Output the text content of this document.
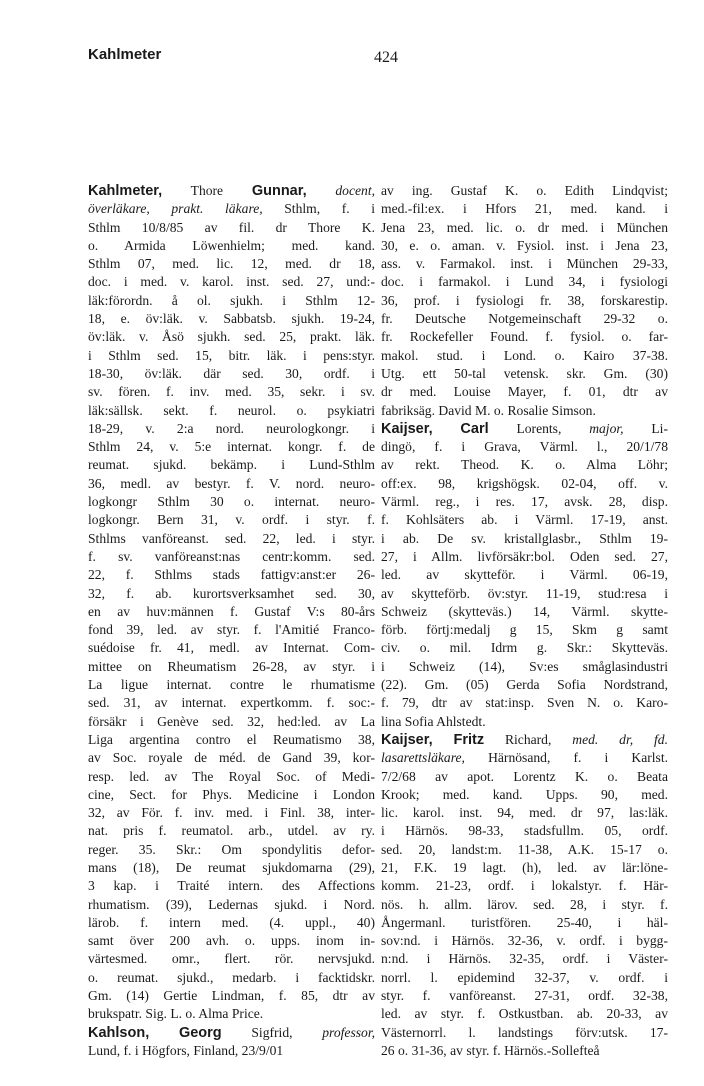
Kahlmeter	424
Kahlmeter, Thore Gunnar, docent,
överläkare, prakt. läkare, Sthlm, f. i
Sthlm 10/8/85 av fil. dr Thore K.
o. Armida Löwenhielm; med. kand.
Sthlm 07, med. lic. 12, med. dr 18,
doc. i med. v. karol. inst. sed. 27, und:-
läk:förordn. å ol. sjukh. i Sthlm 12-
18, e. öv:läk. v. Sabbatsb. sjukh. 19-24,
öv:läk. v. Åsö sjukh. sed. 25, prakt. läk.
i Sthlm sed. 15, bitr. läk. i pens:styr.
18-30, öv:läk. där sed. 30, ordf. i
sv. fören. f. inv. med. 35, sekr. i sv.
läk:sällsk. sekt. f. neurol. o. psykiatri
18-29, v. 2:a nord. neurologkongr. i
Sthlm 24, v. 5:e internat. kongr. f. de
reumat. sjukd. bekämp. i Lund-Sthlm
36, medl. av bestyr. f. V. nord. neuro-
logkongr Sthlm 30 o. internat. neuro-
logkongr. Bern 31, v. ordf. i styr. f.
Sthlms vanföreanst. sed. 22, led. i styr.
f. sv. vanföreanst:nas centr:komm. sed.
22, f. Sthlms stads fattigv:anst:er 26-
32, f. ab. kurortsverksamhet sed. 30,
en av huv:männen f. Gustaf V:s 80-års
fond 39, led. av styr. f. l'Amitié Franco-
suédoise fr. 41, medl. av Internat. Com-
mittee on Rheumatism 26-28, av styr. i
La ligue internat. contre le rhumatisme
sed. 31, av internat. expertkomm. f. soc:-
försäkr i Genève sed. 32, hed:led. av La
Liga argentina contro el Reumatismo 38,
av Soc. royale de méd. de Gand 39, kor-
resp. led. av The Royal Soc. of Medi-
cine, Sect. for Phys. Medicine i London
32, av För. f. inv. med. i Finl. 38, inter-
nat. pris f. reumatol. arb., utdel. av ry.
reger. 35. Skr.: Om spondylitis defor-
mans (18), De reumat sjukdomarna (29),
3 kap. i Traité intern. des Affections
rhumatism. (39), Ledernas sjukd. i Nord.
lärob. f. intern med. (4. uppl., 40)
samt över 200 avh. o. upps. inom in-
värtesmed. omr., flert. rör. nervsjukd.
o. reumat. sjukd., medarb. i facktidskr.
Gm. (14) Gertie Lindman, f. 85, dtr av
brukspatr. Sig. L. o. Alma Price.
Kahlson, Georg Sigfrid, professor,
Lund, f. i Högfors, Finland, 23/9/01
av ing. Gustaf K. o. Edith Lindqvist;
med.-fil:ex. i Hfors 21, med. kand. i
Jena 23, med. lic. o. dr med. i München
30, e. o. aman. v. Fysiol. inst. i Jena 23,
ass. v. Farmakol. inst. i München 29-33,
doc. i farmakol. i Lund 34, i fysiologi
36, prof. i fysiologi fr. 38, forskarestip.
fr. Deutsche Notgemeinschaft 29-32 o.
fr. Rockefeller Found. f. fysiol. o. far-
makol. stud. i Lond. o. Kairo 37-38.
Utg. ett 50-tal vetensk. skr. Gm. (30)
dr med. Louise Mayer, f. 01, dtr av
fabriksäg. David M. o. Rosalie Simson.
Kaijser, Carl Lorents, major, Li-
dingö, f. i Grava, Värml. l., 20/1/78
av rekt. Theod. K. o. Alma Löhr;
off:ex. 98, krigshögsk. 02-04, off. v.
Värml. reg., i res. 17, avsk. 28, disp.
f. Kohlsäters ab. i Värml. 17-19, anst.
i ab. De sv. kristallglasbr., Sthlm 19-
27, i Allm. livförsäkr:bol. Oden sed. 27,
led. av skytteför. i Värml. 06-19,
av skytteförb. öv:styr. 11-19, stud:resa i
Schweiz (skytteväs.) 14, Värml. skytte-
förb. förtj:medalj g 15, Skm g samt
civ. o. mil. Idrm g. Skr.: Skytteväs.
i Schweiz (14), Sv:es småglasindustri
(22). Gm. (05) Gerda Sofia Nordstrand,
f. 79, dtr av stat:insp. Sven N. o. Karo-
lina Sofia Ahlstedt.
Kaijser, Fritz Richard, med. dr, fd.
lasarettsläkare, Härnösand, f. i Karlst.
7/2/68 av apot. Lorentz K. o. Beata
Krook; med. kand. Upps. 90, med.
lic. karol. inst. 94, med. dr 97, las:läk.
i Härnös. 98-33, stadsfullm. 05, ordf.
sed. 20, landst:m. 11-38, A.K. 15-17 o.
21, F.K. 19 lagt. (h), led. av lär:löne-
komm. 21-23, ordf. i lokalstyr. f. Här-
nös. h. allm. lärov. sed. 28, i styr. f.
Ångermanl. turistfören. 25-40, i häl-
sov:nd. i Härnös. 32-36, v. ordf. i bygg-
n:nd. i Härnös. 32-35, ordf. i Väster-
norrl. l. epidemind 32-37, v. ordf. i
styr. f. vanföreanst. 27-31, ordf. 32-38,
led. av styr. f. Ostkustban. ab. 20-33, av
Västernorrl. l. landstings förv:utsk. 17-
26 o. 31-36, av styr. f. Härnös.-Sollefteå
